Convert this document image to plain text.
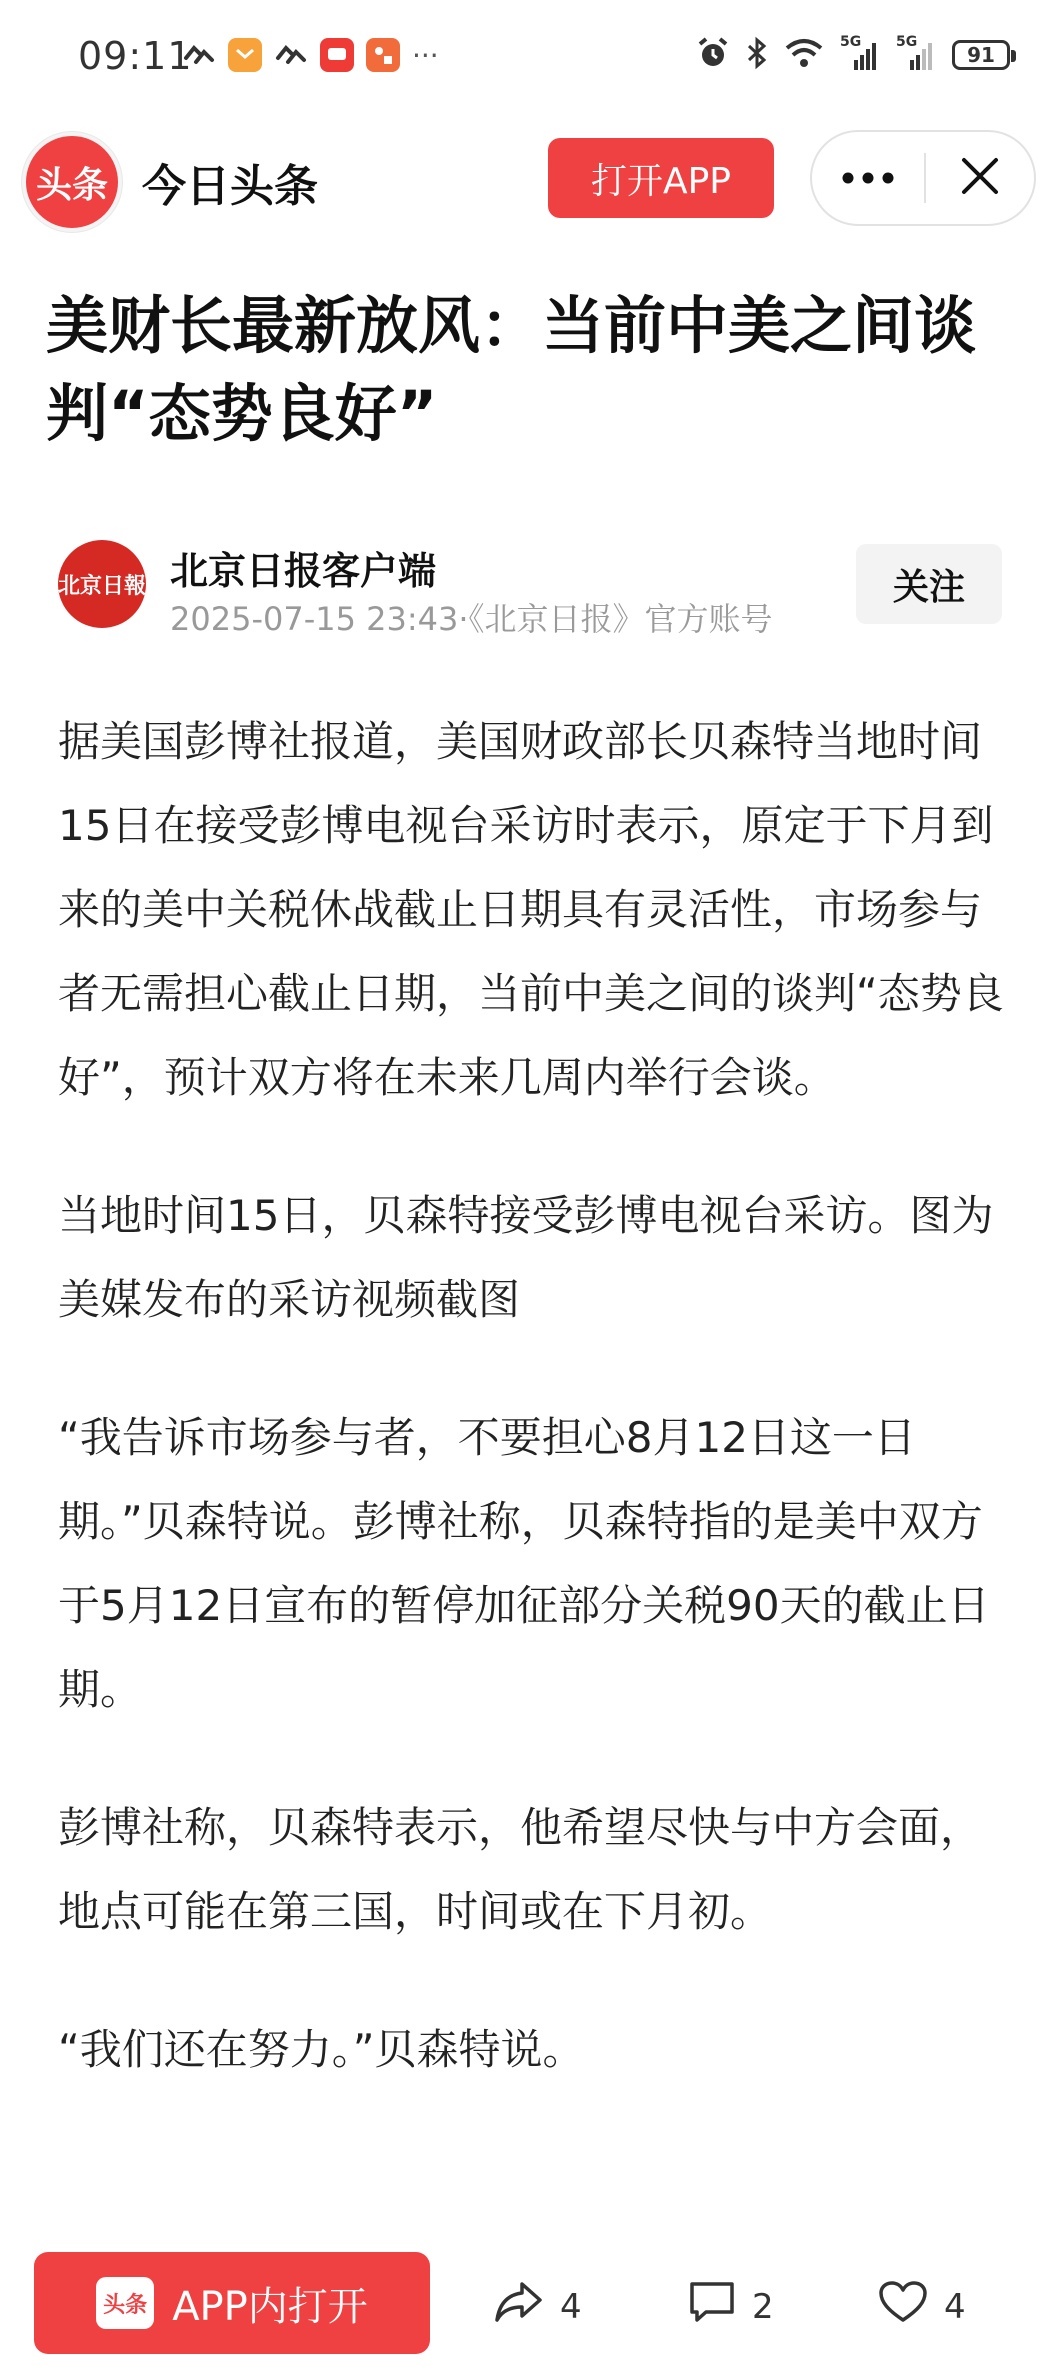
09:11	···	5G 5G
91
头条 今日头条	打开APP
美财长最新放风：当前中美之间谈判“态势良好”
北京日報 北京日报客户端
2025-07-15 23:43·《北京日报》官方账号
关注

据美国彭博社报道，美国财政部长贝森特当地时间15日在接受彭博电视台采访时表示，原定于下月到来的美中关税休战截止日期具有灵活性，市场参与者无需担心截止日期，当前中美之间的谈判“态势良好”，预计双方将在未来几周内举行会谈。

当地时间15日，贝森特接受彭博电视台采访。图为美媒发布的采访视频截图

“我告诉市场参与者，不要担心8月12日这一日期。”贝森特说。彭博社称，贝森特指的是美中双方于5月12日宣布的暂停加征部分关税90天的截止日期。

彭博社称，贝森特表示，他希望尽快与中方会面，地点可能在第三国，时间或在下月初。

“我们还在努力。”贝森特说。

头条 APP内打开	4	2	4
